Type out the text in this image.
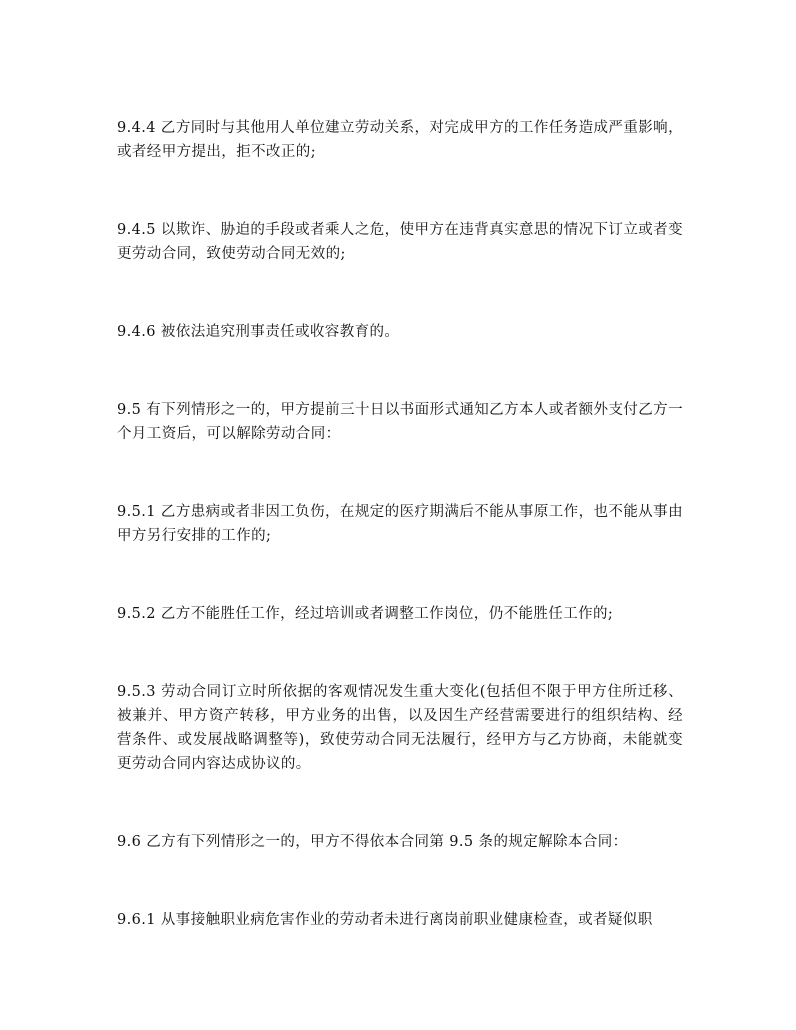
9.4.4 乙方同时与其他用人单位建立劳动关系，对完成甲方的工作任务造成严重影响，或者经甲方提出，拒不改正的;

9.4.5 以欺诈、胁迫的手段或者乘人之危，使甲方在违背真实意思的情况下订立或者变更劳动合同，致使劳动合同无效的;

9.4.6 被依法追究刑事责任或收容教育的。

9.5 有下列情形之一的，甲方提前三十日以书面形式通知乙方本人或者额外支付乙方一个月工资后，可以解除劳动合同：

9.5.1 乙方患病或者非因工负伤，在规定的医疗期满后不能从事原工作，也不能从事由甲方另行安排的工作的;

9.5.2 乙方不能胜任工作，经过培训或者调整工作岗位，仍不能胜任工作的;

9.5.3 劳动合同订立时所依据的客观情况发生重大变化(包括但不限于甲方住所迁移、被兼并、甲方资产转移，甲方业务的出售，以及因生产经营需要进行的组织结构、经营条件、或发展战略调整等)，致使劳动合同无法履行，经甲方与乙方协商，未能就变更劳动合同内容达成协议的。

9.6 乙方有下列情形之一的，甲方不得依本合同第 9.5 条的规定解除本合同：

9.6.1 从事接触职业病危害作业的劳动者未进行离岗前职业健康检查，或者疑似职
